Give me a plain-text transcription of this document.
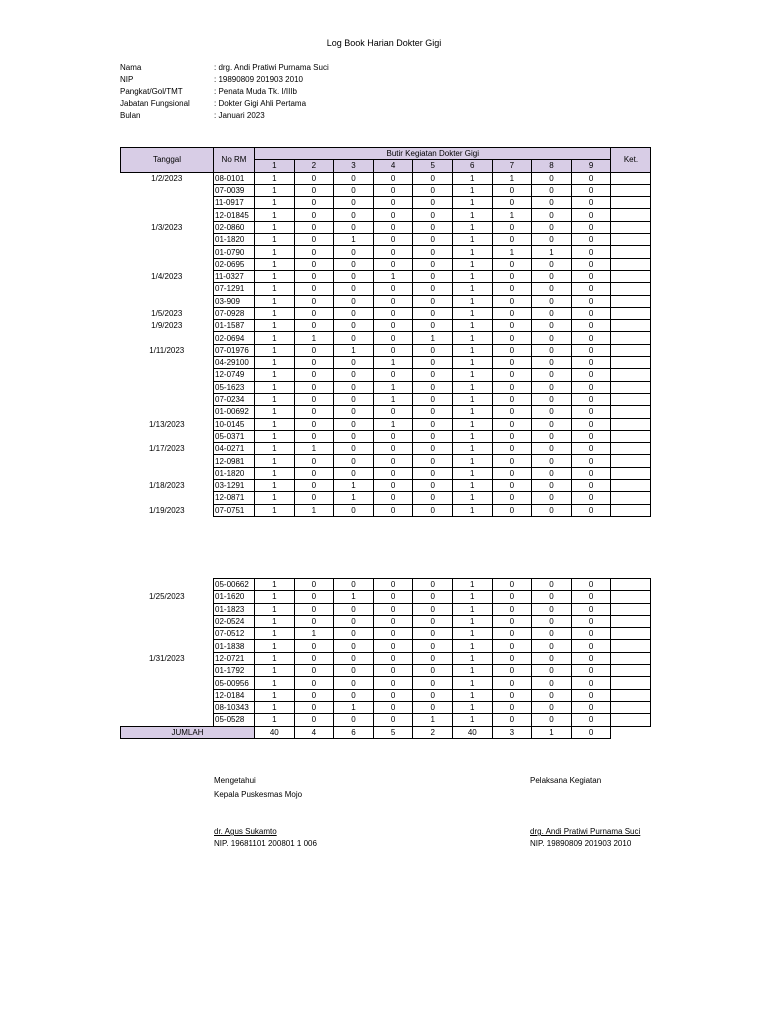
Log Book Harian Dokter Gigi
Nama	: drg. Andi Pratiwi Purnama Suci
NIP	: 19890809 201903 2010
Pangkat/Gol/TMT	: Penata Muda Tk. I/IIIb
Jabatan Fungsional	: Dokter Gigi Ahli Pertama
Bulan	: Januari 2023
Tanggal	No RM	Butir Kegiatan Dokter Gigi									Ket.
		1	2	3	4	5	6	7	8	9	
1/2/2023	08-0101	1	0	0	0	0	1	1	0	0	
	07-0039	1	0	0	0	0	1	0	0	0	
	11-0917	1	0	0	0	0	1	0	0	0	
	12-01845	1	0	0	0	0	1	1	0	0	
1/3/2023	02-0860	1	0	0	0	0	1	0	0	0	
	01-1820	1	0	1	0	0	1	0	0	0	
	01-0790	1	0	0	0	0	1	1	1	0	
	02-0695	1	0	0	0	0	1	0	0	0	
1/4/2023	11-0327	1	0	0	1	0	1	0	0	0	
	07-1291	1	0	0	0	0	1	0	0	0	
	03-909	1	0	0	0	0	1	0	0	0	
1/5/2023	07-0928	1	0	0	0	0	1	0	0	0	
1/9/2023	01-1587	1	0	0	0	0	1	0	0	0	
	02-0694	1	1	0	0	1	1	0	0	0	
1/11/2023	07-01976	1	0	1	0	0	1	0	0	0	
	04-29100	1	0	0	1	0	1	0	0	0	
	12-0749	1	0	0	0	0	1	0	0	0	
	05-1623	1	0	0	1	0	1	0	0	0	
	07-0234	1	0	0	1	0	1	0	0	0	
	01-00692	1	0	0	0	0	1	0	0	0	
1/13/2023	10-0145	1	0	0	1	0	1	0	0	0	
	05-0371	1	0	0	0	0	1	0	0	0	
1/17/2023	04-0271	1	1	0	0	0	1	0	0	0	
	12-0981	1	0	0	0	0	1	0	0	0	
	01-1820	1	0	0	0	0	1	0	0	0	
1/18/2023	03-1291	1	0	1	0	0	1	0	0	0	
	12-0871	1	0	1	0	0	1	0	0	0	
1/19/2023	07-0751	1	1	0	0	0	1	0	0	0	
	05-00662	1	0	0	0	0	1	0	0	0	
1/25/2023	01-1620	1	0	1	0	0	1	0	0	0	
	01-1823	1	0	0	0	0	1	0	0	0	
	02-0524	1	0	0	0	0	1	0	0	0	
	07-0512	1	1	0	0	0	1	0	0	0	
	01-1838	1	0	0	0	0	1	0	0	0	
1/31/2023	12-0721	1	0	0	0	0	1	0	0	0	
	01-1792	1	0	0	0	0	1	0	0	0	
	05-00956	1	0	0	0	0	1	0	0	0	
	12-0184	1	0	0	0	0	1	0	0	0	
	08-10343	1	0	1	0	0	1	0	0	0	
	05-0528	1	0	0	0	1	1	0	0	0	
JUMLAH		40	4	6	5	2	40	3	1	0	
Mengetahui
Kepala Puskesmas Mojo
dr. Agus Sukamto
NIP. 19681101 200801 1 006
Pelaksana Kegiatan
drg. Andi Pratiwi Purnama Suci
NIP. 19890809 201903 2010
